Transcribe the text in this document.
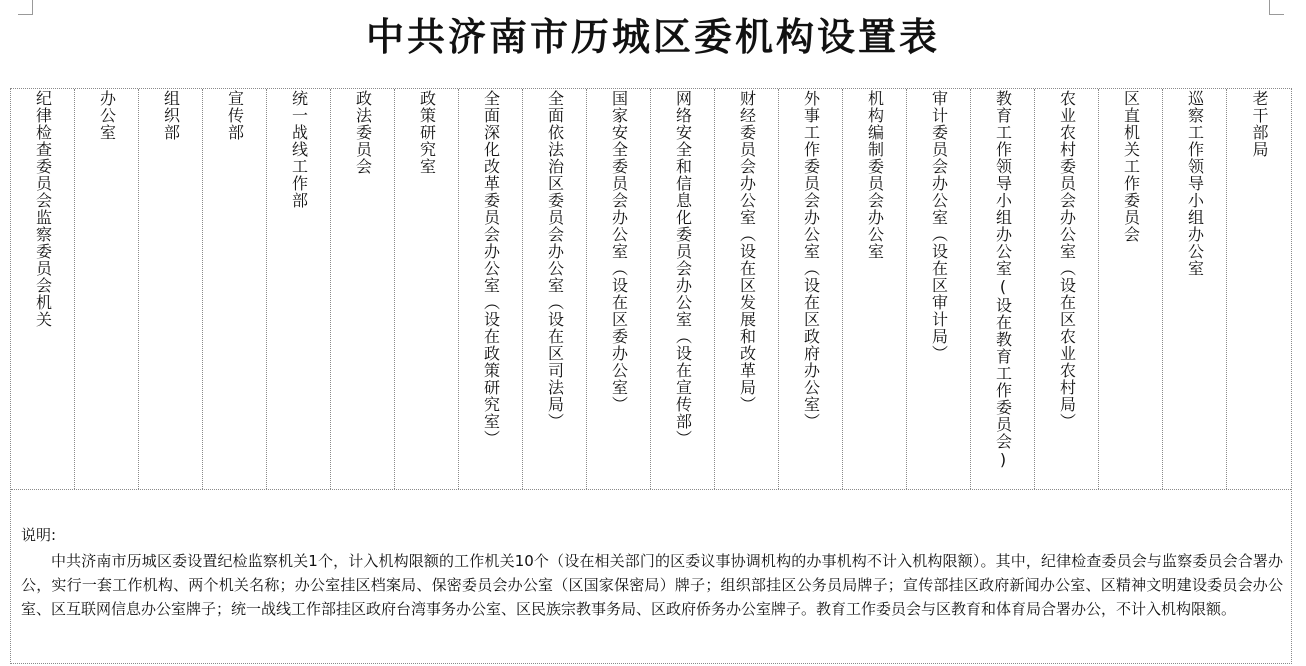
中共济南市历城区委机构设置表
纪律检查委员会监察委员会机关	办公室	组织部	宣传部	统一战线工作部	政法委员会	政策研究室	全面深化改革委员会办公室（设在政策研究室）	全面依法治区委员会办公室（设在区司法局）	国家安全委员会办公室（设在区委办公室）	网络安全和信息化委员会办公室（设在宣传部）	财经委员会办公室（设在区发展和改革局）	外事工作委员会办公室（设在区政府办公室）	机构编制委员会办公室	审计委员会办公室（设在区审计局）	教育工作领导小组办公室(设在教育工作委员会)	农业农村委员会办公室（设在区农业农村局）	区直机关工作委员会	巡察工作领导小组办公室	老干部局

说明:

中共济南市历城区委设置纪检监察机关1个，计入机构限额的工作机关10个（设在相关部门的区委议事协调机构的办事机构不计入机构限额）。其中，纪律检查委员会与监察委员会合署办公，实行一套工作机构、两个机关名称；办公室挂区档案局、保密委员会办公室（区国家保密局）牌子；组织部挂区公务员局牌子；宣传部挂区政府新闻办公室、区精神文明建设委员会办公室、区互联网信息办公室牌子；统一战线工作部挂区政府台湾事务办公室、区民族宗教事务局、区政府侨务办公室牌子。教育工作委员会与区教育和体育局合署办公，不计入机构限额。
